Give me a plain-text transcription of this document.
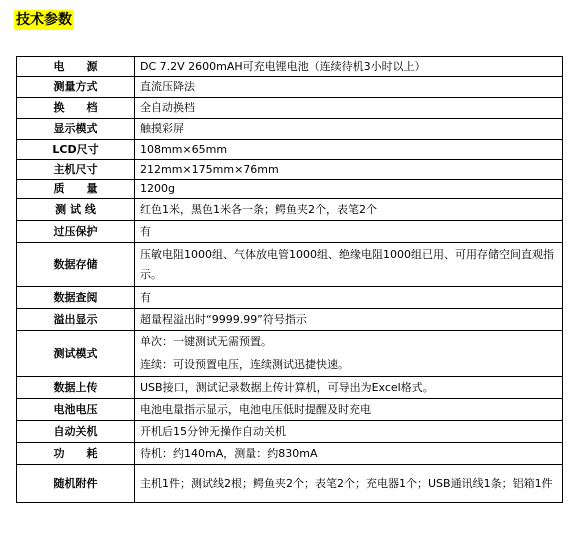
技术参数
电　　源	DC 7.2V 2600mAH可充电锂电池（连续待机3小时以上）

测量方式	直流压降法

换　　档	全自动换档

显示模式	触摸彩屏

LCD尺寸	108mm×65mm

主机尺寸	212mm×175mm×76mm

质　　量	1200g

测 试 线	红色1米，黑色1米各一条；鳄鱼夹2个，表笔2个

过压保护	有

数据存储	压敏电阻1000组、气体放电管1000组、绝缘电阻1000组已用、可用存储空间直观指示。

数据查阅	有

溢出显示	超量程溢出时“9999.99”符号指示

测试模式	单次：一键测试无需预置。
连续：可设预置电压，连续测试迅捷快速。

数据上传	USB接口，测试记录数据上传计算机，可导出为Excel格式。

电池电压	电池电量指示显示，电池电压低时提醒及时充电

自动关机	开机后15分钟无操作自动关机

功　　耗	待机：约140mA，测量：约830mA

随机附件	主机1件；测试线2根；鳄鱼夹2个；表笔2个；充电器1个；USB通讯线1条；铝箱1件
